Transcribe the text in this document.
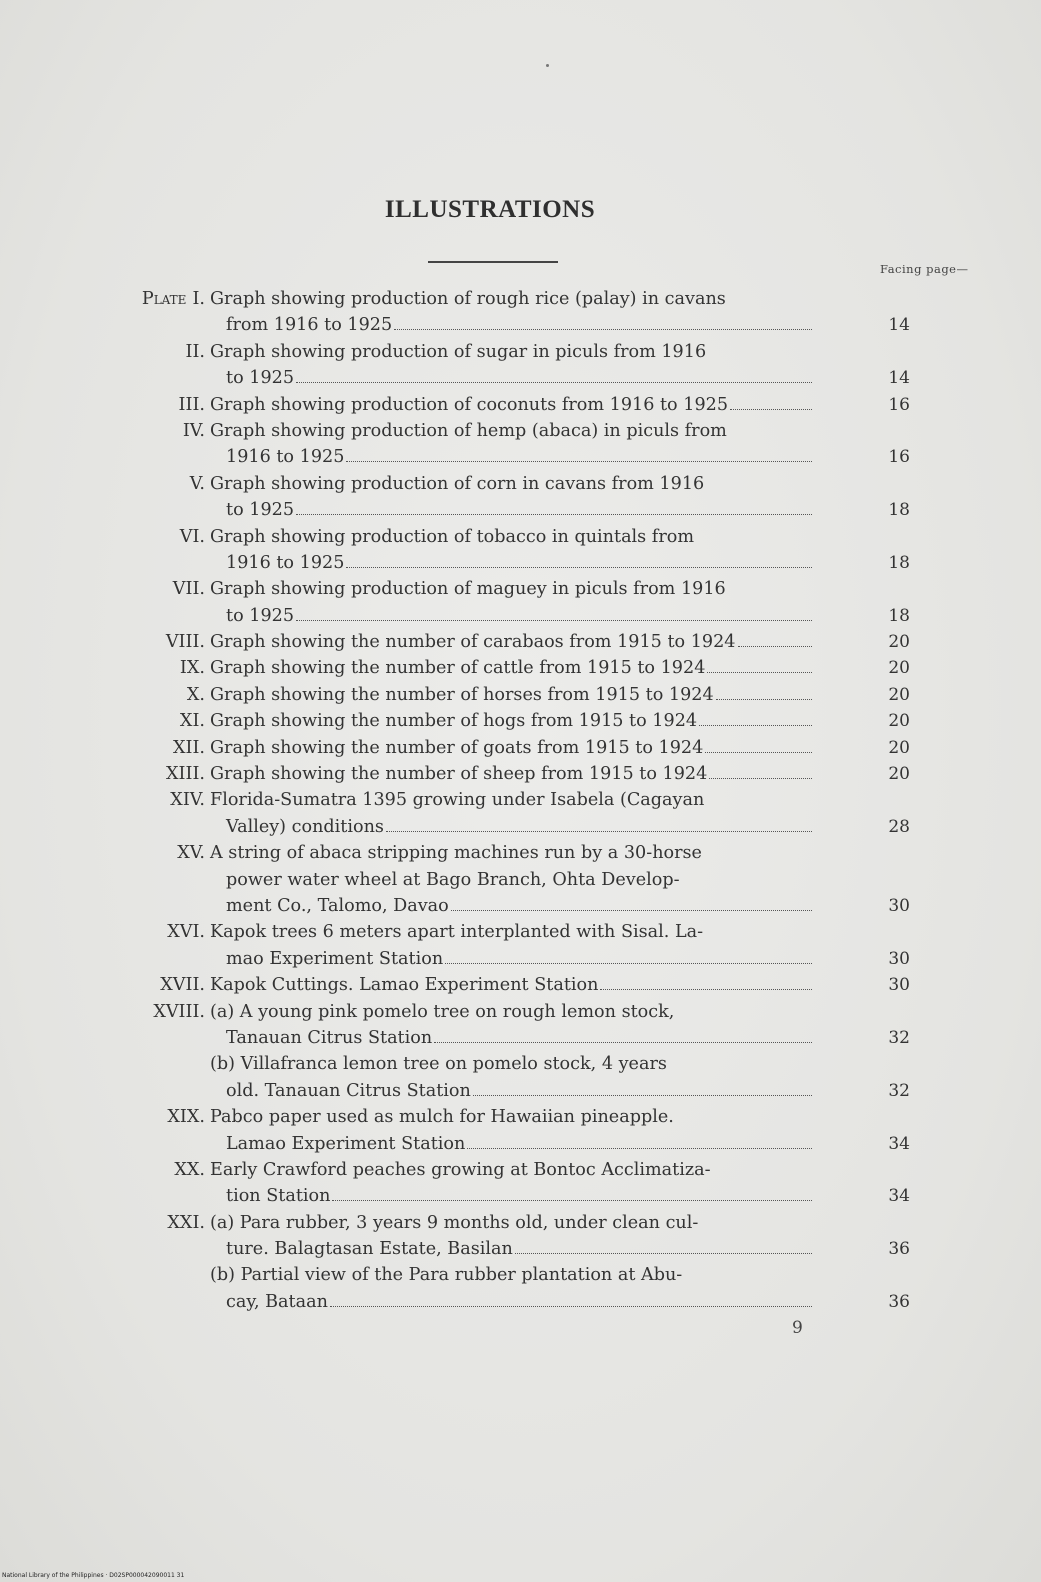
ILLUSTRATIONS
Facing page—
Plate I. Graph showing production of rough rice (palay) in cavans
from 1916 to 1925	14
II. Graph showing production of sugar in piculs from 1916
to 1925	14
III. Graph showing production of coconuts from 1916 to 1925	16
IV. Graph showing production of hemp (abaca) in piculs from
1916 to 1925	16
V. Graph showing production of corn in cavans from 1916
to 1925	18
VI. Graph showing production of tobacco in quintals from
1916 to 1925	18
VII. Graph showing production of maguey in piculs from 1916
to 1925	18
VIII. Graph showing the number of carabaos from 1915 to 1924	20
IX. Graph showing the number of cattle from 1915 to 1924	20
X. Graph showing the number of horses from 1915 to 1924	20
XI. Graph showing the number of hogs from 1915 to 1924	20
XII. Graph showing the number of goats from 1915 to 1924	20
XIII. Graph showing the number of sheep from 1915 to 1924	20
XIV. Florida-Sumatra 1395 growing under Isabela (Cagayan
Valley) conditions	28
XV. A string of abaca stripping machines run by a 30-horse
power water wheel at Bago Branch, Ohta Develop-
ment Co., Talomo, Davao	30
XVI. Kapok trees 6 meters apart interplanted with Sisal. La-
mao Experiment Station	30
XVII. Kapok Cuttings. Lamao Experiment Station	30
XVIII. (a) A young pink pomelo tree on rough lemon stock,
Tanauan Citrus Station	32
(b) Villafranca lemon tree on pomelo stock, 4 years
old. Tanauan Citrus Station	32
XIX. Pabco paper used as mulch for Hawaiian pineapple.
Lamao Experiment Station	34
XX. Early Crawford peaches growing at Bontoc Acclimatiza-
tion Station	34
XXI. (a) Para rubber, 3 years 9 months old, under clean cul-
ture. Balagtasan Estate, Basilan	36
(b) Partial view of the Para rubber plantation at Abu-
cay, Bataan	36
9
National Library of the Philippines · D02SP000042090011 31
